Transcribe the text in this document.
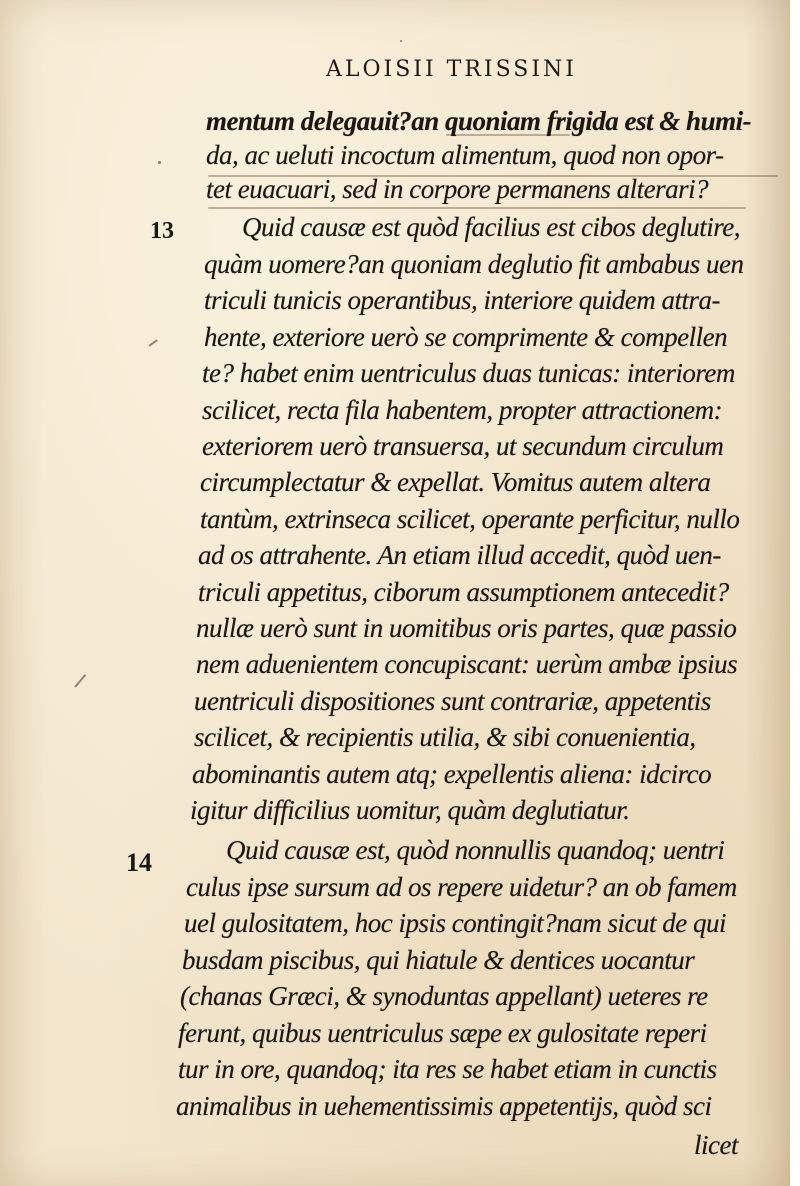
ALOISII TRISSINI
13
14
mentum delegauit?an quoniam frigida est & humi-
da, ac ueluti incoctum alimentum, quod non opor-
tet euacuari, sed in corpore permanens alterari?
Quid causæ est quòd facilius est cibos deglutire,
quàm uomere?an quoniam deglutio fit ambabus uen
triculi tunicis operantibus, interiore quidem attra-
hente, exteriore uerò se comprimente & compellen
te? habet enim uentriculus duas tunicas: interiorem
scilicet, recta fila habentem, propter attractionem:
exteriorem uerò transuersa, ut secundum circulum
circumplectatur & expellat. Vomitus autem altera
tantùm, extrinseca scilicet, operante perficitur, nullo
ad os attrahente. An etiam illud accedit, quòd uen-
triculi appetitus, ciborum assumptionem antecedit?
nullæ uerò sunt in uomitibus oris partes, quæ passio
nem aduenientem concupiscant: uerùm ambæ ipsius
uentriculi dispositiones sunt contrariæ, appetentis
scilicet, & recipientis utilia, & sibi conuenientia,
abominantis autem atq; expellentis aliena: idcirco
igitur difficilius uomitur, quàm deglutiatur.
Quid causæ est, quòd nonnullis quandoq; uentri
culus ipse sursum ad os repere uidetur? an ob famem
uel gulositatem, hoc ipsis contingit?nam sicut de qui
busdam piscibus, qui hiatule & dentices uocantur
(chanas Græci, & synoduntas appellant) ueteres re
ferunt, quibus uentriculus sæpe ex gulositate reperi
tur in ore, quandoq; ita res se habet etiam in cunctis
animalibus in uehementissimis appetentijs, quòd sci
licet
